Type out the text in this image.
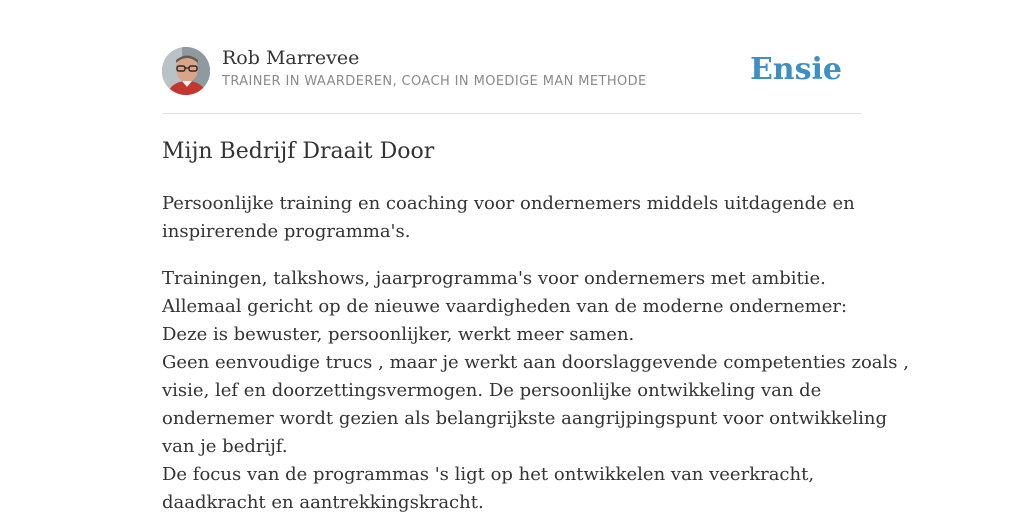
Rob Marrevee
TRAINER IN WAARDEREN, COACH IN MOEDIGE MAN METHODE	Ensie
Mijn Bedrijf Draait Door

Persoonlijke training en coaching voor ondernemers middels uitdagende en
inspirerende programma's.

Trainingen, talkshows, jaarprogramma's voor ondernemers met ambitie.
Allemaal gericht op de nieuwe vaardigheden van de moderne ondernemer:
Deze is bewuster, persoonlijker, werkt meer samen.
Geen eenvoudige trucs , maar je werkt aan doorslaggevende competenties zoals ,
visie, lef en doorzettingsvermogen. De persoonlijke ontwikkeling van de
ondernemer wordt gezien als belangrijkste aangrijpingspunt voor ontwikkeling
van je bedrijf.
De focus van de programmas 's ligt op het ontwikkelen van veerkracht,
daadkracht en aantrekkingskracht.
